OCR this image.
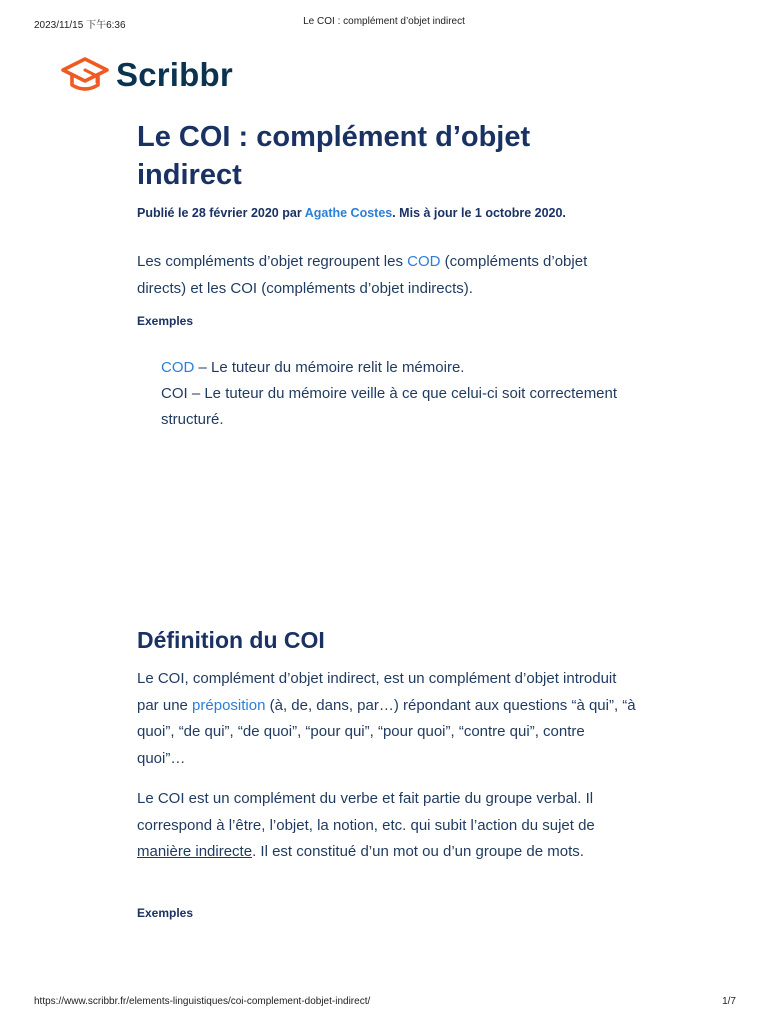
2023/11/15 下午6:36	Le COI : complément d’objet indirect
Scribbr
Le COI : complément d’objet indirect
Publié le 28 février 2020 par Agathe Costes. Mis à jour le 1 octobre 2020.

Les compléments d’objet regroupent les COD (compléments d’objet directs) et les COI (compléments d’objet indirects).

Exemples
COD – Le tuteur du mémoire relit le mémoire.
COI – Le tuteur du mémoire veille à ce que celui-ci soit correctement structuré.
Définition du COI

Le COI, complément d’objet indirect, est un complément d’objet introduit par une préposition (à, de, dans, par…) répondant aux questions “à qui”, “à quoi”, “de qui”, “de quoi”, “pour qui”, “pour quoi”, “contre qui”, contre quoi”…

Le COI est un complément du verbe et fait partie du groupe verbal. Il correspond à l’être, l’objet, la notion, etc. qui subit l’action du sujet de manière indirecte. Il est constitué d’un mot ou d’un groupe de mots.

Exemples
https://www.scribbr.fr/elements-linguistiques/coi-complement-dobjet-indirect/	1/7
